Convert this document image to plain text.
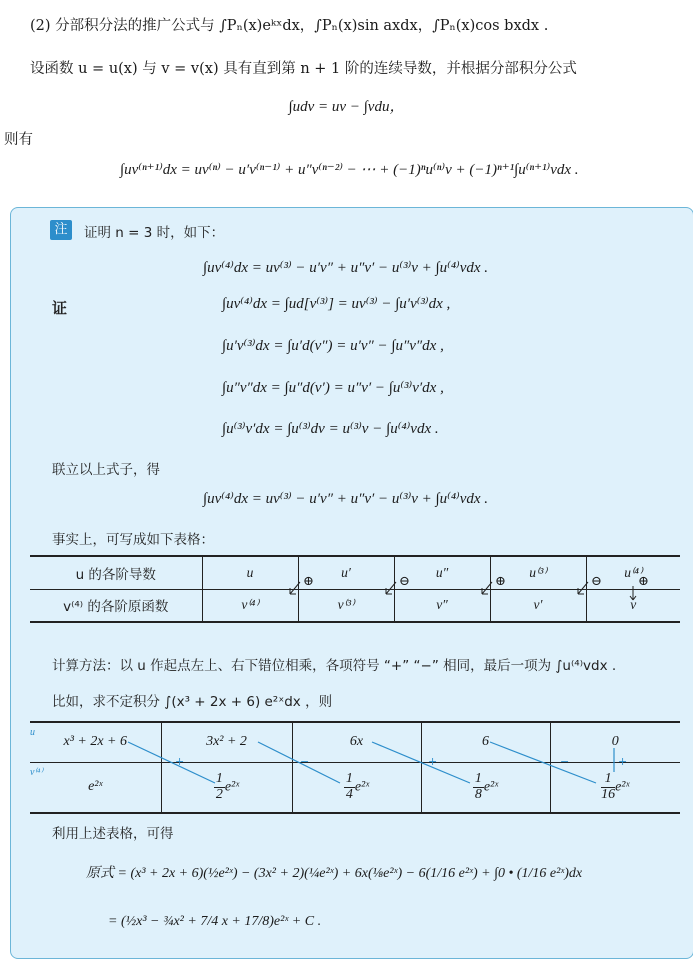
(2) 分部积分法的推广公式与 ∫Pₙ(x)eᵏˣdx，∫Pₙ(x)sin axdx，∫Pₙ(x)cos bxdx .
设函数 u = u(x) 与 v = v(x) 具有直到第 n + 1 阶的连续导数，并根据分部积分公式
∫udv = uv − ∫vdu，
则有
∫uv⁽ⁿ⁺¹⁾dx = uv⁽ⁿ⁾ − u′v⁽ⁿ⁻¹⁾ + u″v⁽ⁿ⁻²⁾ − ⋯ + (−1)ⁿu⁽ⁿ⁾v + (−1)ⁿ⁺¹∫u⁽ⁿ⁺¹⁾vdx .
注	证明 n = 3 时，如下：
∫uv⁽⁴⁾dx = uv⁽³⁾ − u′v″ + u″v′ − u⁽³⁾v + ∫u⁽⁴⁾vdx .
证	∫uv⁽⁴⁾dx = ∫ud[v⁽³⁾] = uv⁽³⁾ − ∫u′v⁽³⁾dx ,
∫u′v⁽³⁾dx = ∫u′d(v″) = u′v″ − ∫u″v″dx ,
∫u″v″dx = ∫u″d(v′) = u″v′ − ∫u⁽³⁾v′dx ,
∫u⁽³⁾v′dx = ∫u⁽³⁾dv = u⁽³⁾v − ∫u⁽⁴⁾vdx .
联立以上式子，得
∫uv⁽⁴⁾dx = uv⁽³⁾ − u′v″ + u″v′ − u⁽³⁾v + ∫u⁽⁴⁾vdx .
事实上，可写成如下表格：
u 的各阶导数	u	u′	u″	u⁽³⁾	u⁽⁴⁾
v⁽⁴⁾ 的各阶原函数	v⁽⁴⁾	v⁽³⁾	v″	v′	v
⊕	⊖	⊕	⊖	⊕
计算方法：以 u 作起点左上、右下错位相乘，各项符号 “+” “−” 相同，最后一项为 ∫u⁽⁴⁾vdx .
比如，求不定积分 ∫(x³ + 2x + 6) e²ˣdx ，则
u
x³ + 2x + 6	3x² + 2	6x	6	0

v⁽⁴⁾
e²ˣ	$\frac{1}{2}$ e²ˣ	$\frac{1}{4}$ e²ˣ	$\frac{1}{8}$ e²ˣ	$\frac{1}{16}$ e²ˣ
+	−	+	−	+
利用上述表格，可得
原式 = (x³ + 2x + 6)(½e²ˣ) − (3x² + 2)(¼e²ˣ) + 6x(⅛e²ˣ) − 6(1/16 e²ˣ) + ∫0 • (1/16 e²ˣ)dx
= (½x³ − ¾x² + 7/4 x + 17/8)e²ˣ + C .
